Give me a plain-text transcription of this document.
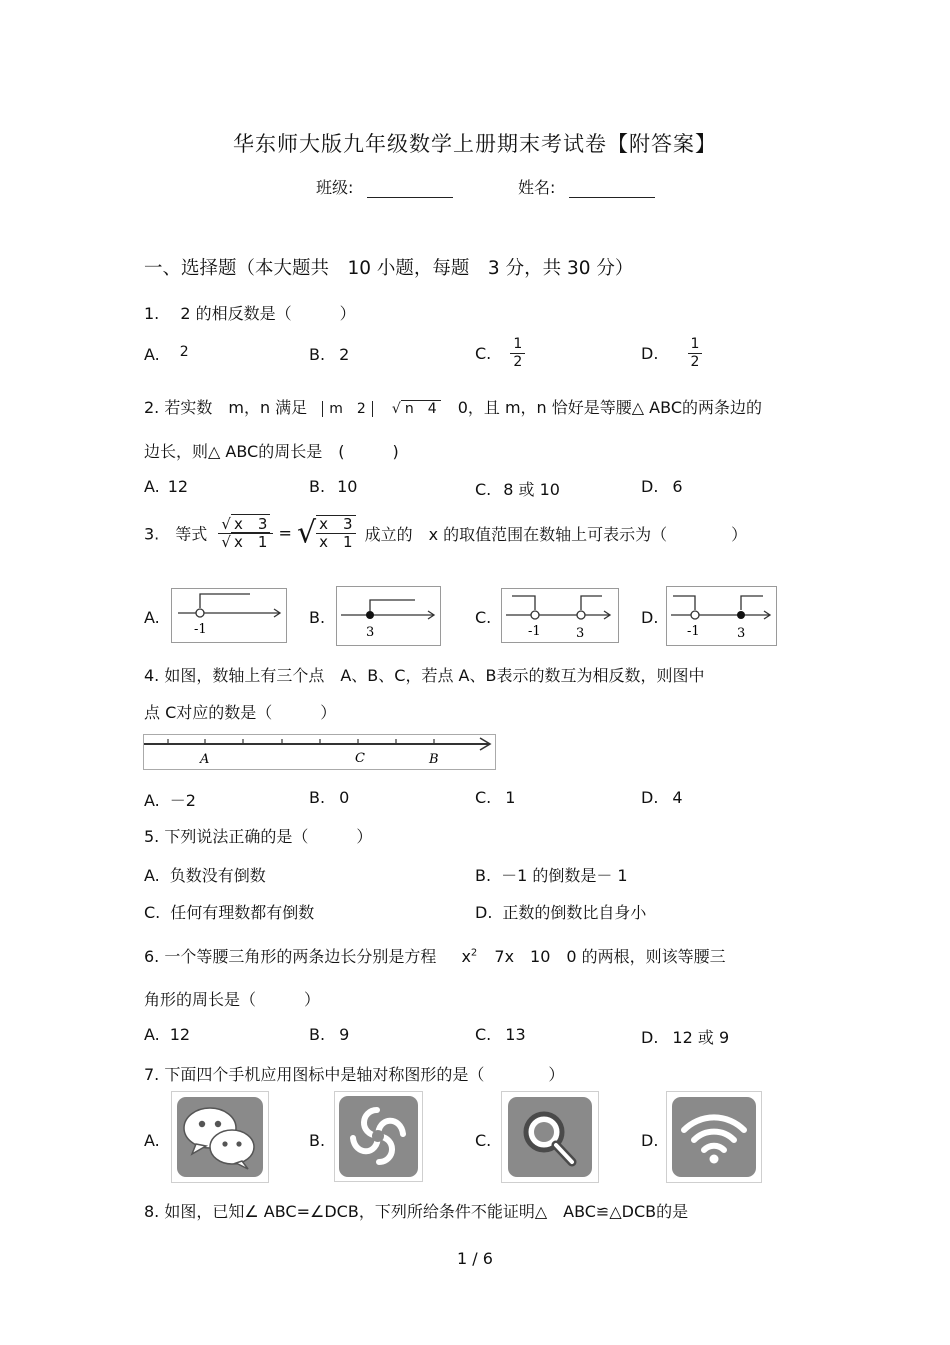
华东师大版九年级数学上册期末考试卷【附答案】
班级:	姓名:
一、选择题（本大题共　10 小题，每题　3 分，共 30 分）
1.　 2 的相反数是（　　　）
A. 2	B. 2	C. $\frac{1}{2}$	D. $\frac{1}{2}$
2. 若实数　m，n 满足 m　2 √ n　4 0，且 m，n 恰好是等腰△ ABC的两条边的
边长，则△ ABC的周长是　(　　　)
A. 12	B. 10	C. 8 或 10	D. 6
3.　等式 $\frac{√ x 3}{√ x 1}$ = √ $\frac{x 3}{x 1}$ 成立的　x 的取值范围在数轴上可表示为（　　　　）
A.
-1
B.
3
C.
-1	3
D.
-1	3
4. 如图，数轴上有三个点　A、B、C，若点 A、B表示的数互为相反数，则图中
点 C对应的数是（　　　）
A	C	B
A. －2	B. 0	C. 1	D. 4
5. 下列说法正确的是（　　　）
A. 负数没有倒数	B. －1 的倒数是－ 1
C. 任何有理数都有倒数	D. 正数的倒数比自身小
6. 一个等腰三角形的两条边长分别是方程 $x^2$ 7x　10　0 的两根，则该等腰三
角形的周长是（　　　）
A. 12	B. 9	C. 13	D. 12 或 9
7. 下面四个手机应用图标中是轴对称图形的是（　　　　）
A.	B.	C.	D.
8. 如图，已知∠ ABC=∠DCB，下列所给条件不能证明△　ABC≌△DCB的是
1 / 6
